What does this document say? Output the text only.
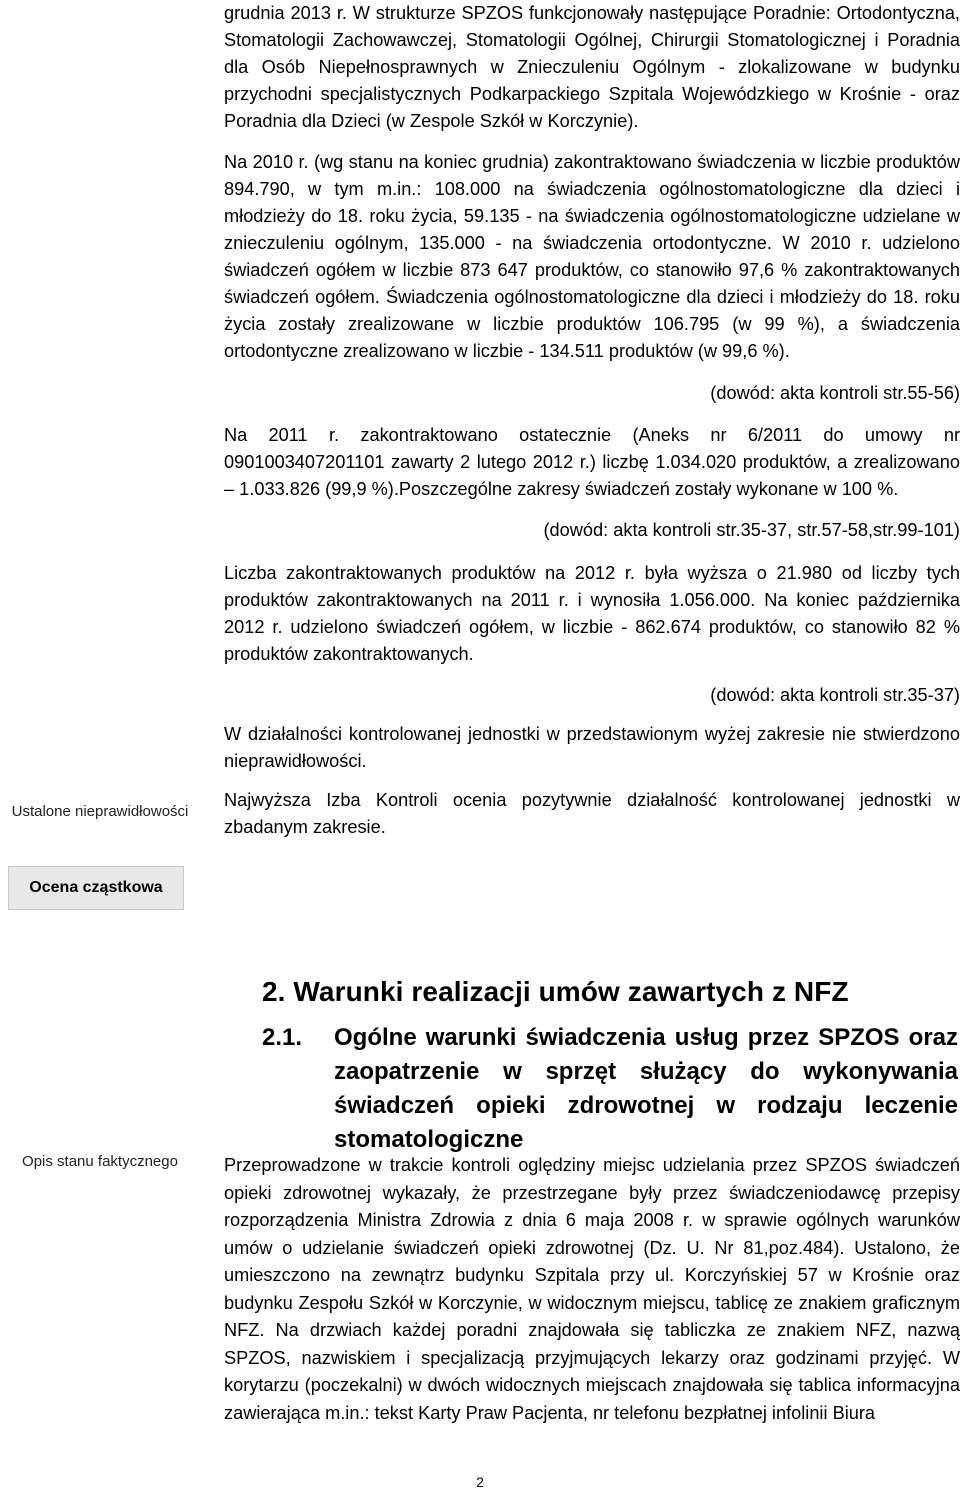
Ustalone nieprawidłowości
Ocena cząstkowa
Opis stanu faktycznego

grudnia 2013 r. W strukturze SPZOS funkcjonowały następujące Poradnie: Ortodontyczna, Stomatologii Zachowawczej, Stomatologii Ogólnej, Chirurgii Stomatologicznej i Poradnia dla Osób Niepełnosprawnych w Znieczuleniu Ogólnym - zlokalizowane w budynku przychodni specjalistycznych Podkarpackiego Szpitala Wojewódzkiego w Krośnie - oraz Poradnia dla Dzieci (w Zespole Szkół w Korczynie).

Na 2010 r. (wg stanu na koniec grudnia) zakontraktowano świadczenia w liczbie produktów 894.790, w tym m.in.: 108.000 na świadczenia ogólnostomatologiczne dla dzieci i młodzieży do 18. roku życia, 59.135 - na świadczenia ogólnostomatologiczne udzielane w znieczuleniu ogólnym, 135.000 - na świadczenia ortodontyczne. W 2010 r. udzielono świadczeń ogółem w liczbie 873 647 produktów, co stanowiło 97,6 % zakontraktowanych świadczeń ogółem. Świadczenia ogólnostomatologiczne dla dzieci i młodzieży do 18. roku życia zostały zrealizowane w liczbie produktów 106.795 (w 99 %), a świadczenia ortodontyczne zrealizowano w liczbie - 134.511 produktów (w 99,6 %).

(dowód: akta kontroli str.55-56)

Na 2011 r. zakontraktowano ostatecznie (Aneks nr 6/2011 do umowy nr 0901003407201101 zawarty 2 lutego 2012 r.) liczbę 1.034.020 produktów, a zrealizowano – 1.033.826 (99,9 %).Poszczególne zakresy świadczeń zostały wykonane w 100 %.

(dowód: akta kontroli str.35-37, str.57-58,str.99-101)

Liczba zakontraktowanych produktów na 2012 r. była wyższa o 21.980 od liczby tych produktów zakontraktowanych na 2011 r. i wynosiła 1.056.000. Na koniec października 2012 r. udzielono świadczeń ogółem, w liczbie - 862.674 produktów, co stanowiło 82 % produktów zakontraktowanych.

(dowód: akta kontroli str.35-37)

W działalności kontrolowanej jednostki w przedstawionym wyżej zakresie nie stwierdzono nieprawidłowości.

Najwyższa Izba Kontroli ocenia pozytywnie działalność kontrolowanej jednostki w zbadanym zakresie.

2. Warunki realizacji umów zawartych z NFZ
2.1.	Ogólne warunki świadczenia usług przez SPZOS oraz zaopatrzenie w sprzęt służący do wykonywania świadczeń opieki zdrowotnej w rodzaju leczenie stomatologiczne

Przeprowadzone w trakcie kontroli oględziny miejsc udzielania przez SPZOS świadczeń opieki zdrowotnej wykazały, że przestrzegane były przez świadczeniodawcę przepisy rozporządzenia Ministra Zdrowia z dnia 6 maja 2008 r. w sprawie ogólnych warunków umów o udzielanie świadczeń opieki zdrowotnej (Dz. U. Nr 81,poz.484). Ustalono, że umieszczono na zewnątrz budynku Szpitala przy ul. Korczyńskiej 57 w Krośnie oraz budynku Zespołu Szkół w Korczynie, w widocznym miejscu, tablicę ze znakiem graficznym NFZ. Na drzwiach każdej poradni znajdowała się tabliczka ze znakiem NFZ, nazwą SPZOS, nazwiskiem i specjalizacją przyjmujących lekarzy oraz godzinami przyjęć. W korytarzu (poczekalni) w dwóch widocznych miejscach znajdowała się tablica informacyjna zawierająca m.in.: tekst Karty Praw Pacjenta, nr telefonu bezpłatnej infolinii Biura

2
